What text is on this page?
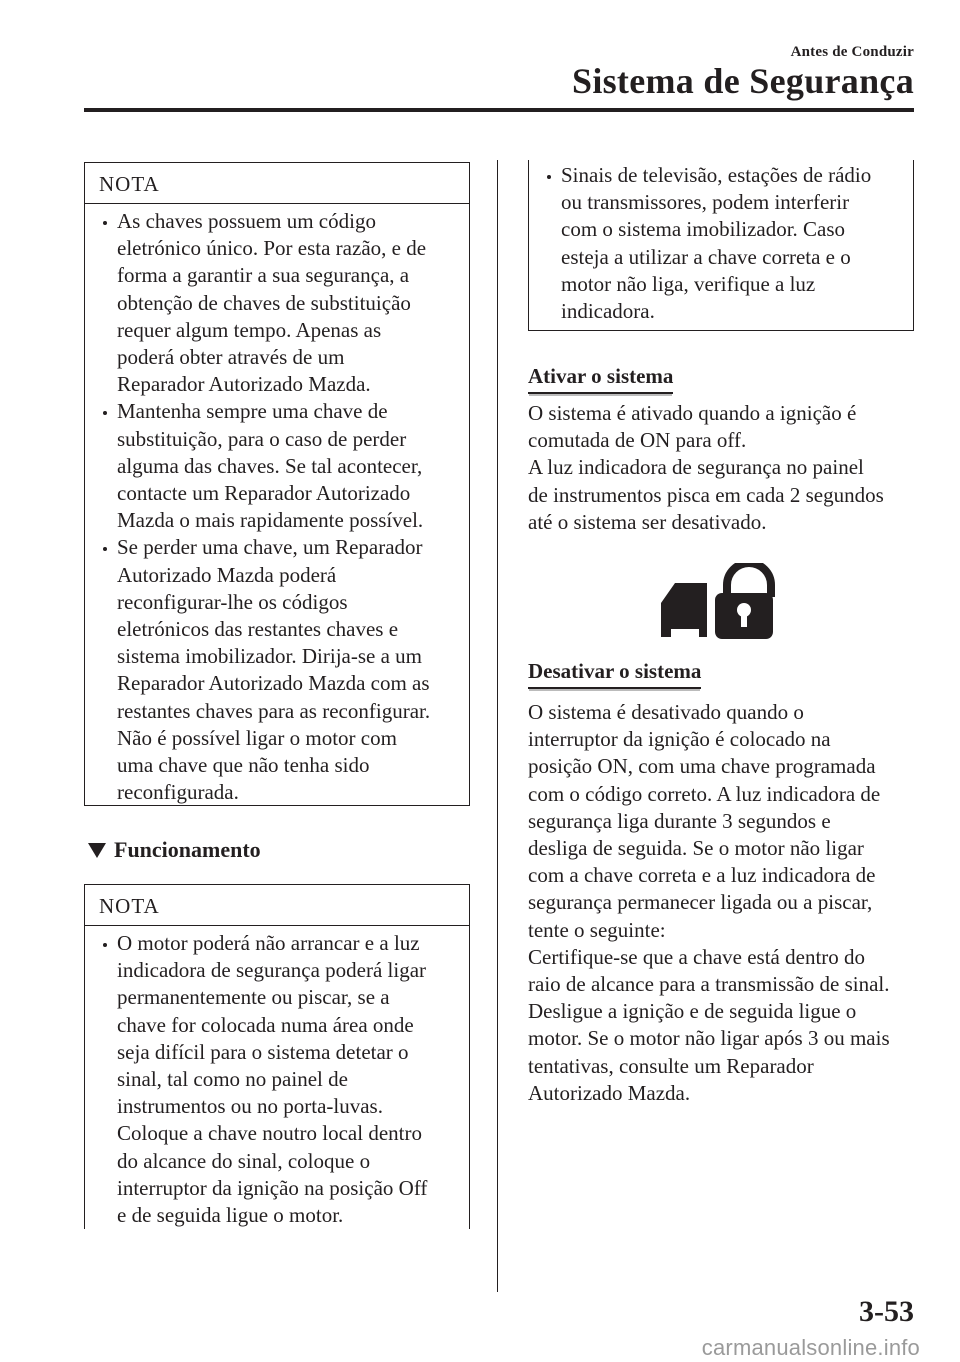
Antes de Conduzir
Sistema de Segurança
NOTA
As chaves possuem um código
eletrónico único. Por esta razão, e de
forma a garantir a sua segurança, a
obtenção de chaves de substituição
requer algum tempo. Apenas as
poderá obter através de um
Reparador Autorizado Mazda.
Mantenha sempre uma chave de
substituição, para o caso de perder
alguma das chaves. Se tal acontecer,
contacte um Reparador Autorizado
Mazda o mais rapidamente possível.
Se perder uma chave, um Reparador
Autorizado Mazda poderá
reconfigurar-lhe os códigos
eletrónicos das restantes chaves e
sistema imobilizador. Dirija-se a um
Reparador Autorizado Mazda com as
restantes chaves para as reconfigurar.
Não é possível ligar o motor com
uma chave que não tenha sido
reconfigurada.
Funcionamento
NOTA
O motor poderá não arrancar e a luz
indicadora de segurança poderá ligar
permanentemente ou piscar, se a
chave for colocada numa área onde
seja difícil para o sistema detetar o
sinal, tal como no painel de
instrumentos ou no porta-luvas.
Coloque a chave noutro local dentro
do alcance do sinal, coloque o
interruptor da ignição na posição Off
e de seguida ligue o motor.
Sinais de televisão, estações de rádio
ou transmissores, podem interferir
com o sistema imobilizador. Caso
esteja a utilizar a chave correta e o
motor não liga, verifique a luz
indicadora.
Ativar o sistema
O sistema é ativado quando a ignição é
comutada de ON para off.
A luz indicadora de segurança no painel
de instrumentos pisca em cada 2 segundos
até o sistema ser desativado.
Desativar o sistema
O sistema é desativado quando o
interruptor da ignição é colocado na
posição ON, com uma chave programada
com o código correto. A luz indicadora de
segurança liga durante 3 segundos e
desliga de seguida. Se o motor não ligar
com a chave correta e a luz indicadora de
segurança permanecer ligada ou a piscar,
tente o seguinte:
Certifique-se que a chave está dentro do
raio de alcance para a transmissão de sinal.
Desligue a ignição e de seguida ligue o
motor. Se o motor não ligar após 3 ou mais
tentativas, consulte um Reparador
Autorizado Mazda.
3-53
carmanualsonline.info
